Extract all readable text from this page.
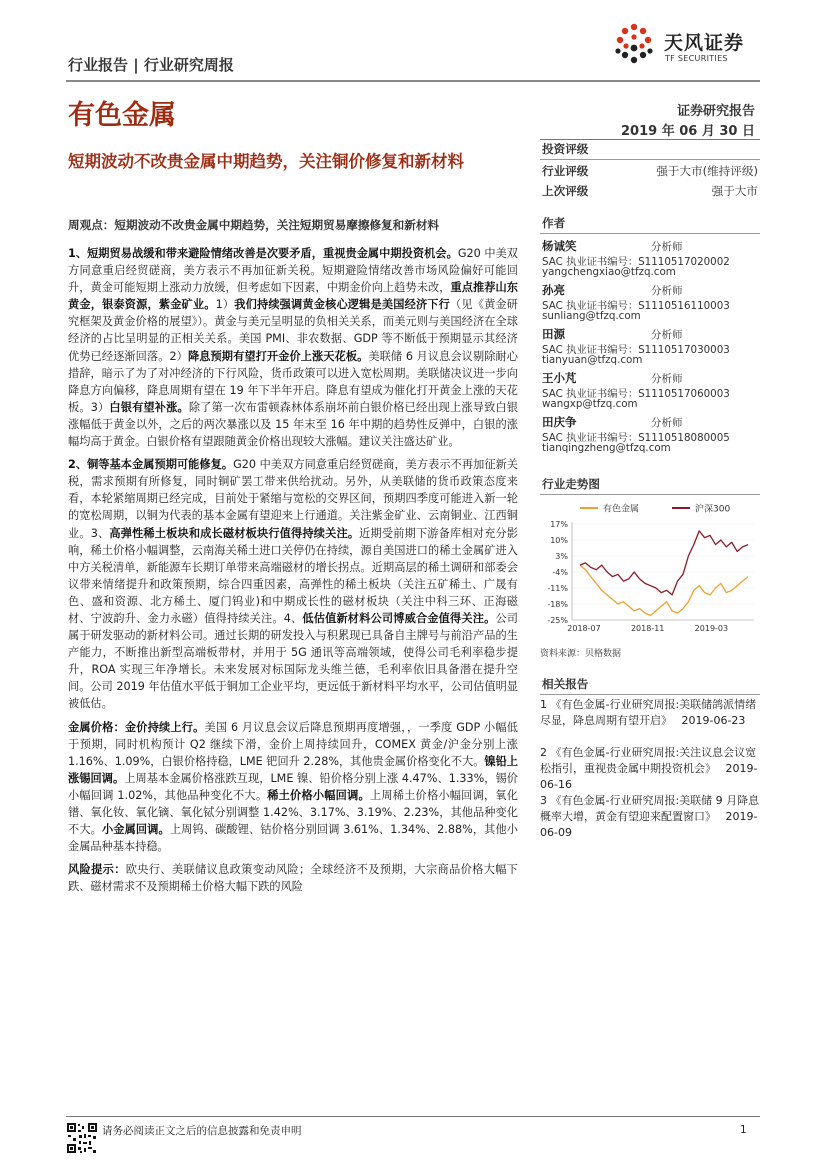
天风证券
TF SECURITIES
行业报告 | 行业研究周报
有色金属	证券研究报告
2019 年 06 月 30 日
短期波动不改贵金属中期趋势，关注铜价修复和新材料

周观点：短期波动不改贵金属中期趋势，关注短期贸易摩擦修复和新材料

1、短期贸易战缓和带来避险情绪改善是次要矛盾，重视贵金属中期投资机会。G20 中美双方同意重启经贸磋商，美方表示不再加征新关税。短期避险情绪改善市场风险偏好可能回升，黄金可能短期上涨动力放缓，但考虑如下因素，中期金价向上趋势未改，重点推荐山东黄金，银泰资源，紫金矿业。1）我们持续强调黄金核心逻辑是美国经济下行（见《黄金研究框架及黄金价格的展望》）。黄金与美元呈明显的负相关关系，而美元则与美国经济在全球经济的占比呈明显的正相关关系。美国 PMI、非农数据、GDP 等不断低于预期显示其经济优势已经逐渐回落。2）降息预期有望打开金价上涨天花板。美联储 6 月议息会议剔除耐心措辞，暗示了为了对冲经济的下行风险，货币政策可以进入宽松周期。美联储决议进一步向降息方向偏移，降息周期有望在 19 年下半年开启。降息有望成为催化打开黄金上涨的天花板。3）白银有望补涨。除了第一次布雷顿森林体系崩坏前白银价格已经出现上涨导致白银涨幅低于黄金以外，之后的两次暴涨以及 15 年末至 16 年中期的趋势性反弹中，白银的涨幅均高于黄金。白银价格有望跟随黄金价格出现较大涨幅。建议关注盛达矿业。

2、铜等基本金属预期可能修复。G20 中美双方同意重启经贸磋商，美方表示不再加征新关税，需求预期有所修复，同时铜矿罢工带来供给扰动。另外，从美联储的货币政策态度来看，本轮紧缩周期已经完成，目前处于紧缩与宽松的交界区间，预期四季度可能进入新一轮的宽松周期，以铜为代表的基本金属有望迎来上行通道。关注紫金矿业、云南铜业、江西铜业。3、高弹性稀土板块和成长磁材板块行值得持续关注。近期受前期下游备库相对充分影响，稀土价格小幅调整，云南海关稀土进口关停仍在持续，源自美国进口的稀土金属矿进入中方关税清单，新能源车长期订单带来高端磁材的增长拐点。近期高层的稀土调研和部委会议带来情绪提升和政策预期，综合四重因素，高弹性的稀土板块（关注五矿稀土、广晟有色、盛和资源、北方稀土、厦门钨业)和中期成长性的磁材板块（关注中科三环、正海磁材、宁波韵升、金力永磁）值得持续关注。4、低估值新材料公司博威合金值得关注。公司属于研发驱动的新材料公司。通过长期的研发投入与积累现已具备自主牌号与前沿产品的生产能力，不断推出新型高端板带材，并用于 5G 通讯等高端领域，使得公司毛利率稳步提升，ROA 实现三年净增长。未来发展对标国际龙头维兰德，毛利率依旧具备潜在提升空间。公司 2019 年估值水平低于铜加工企业平均，更远低于新材料平均水平，公司估值明显被低估。

金属价格：金价持续上行。美国 6 月议息会议后降息预期再度增强，，一季度 GDP 小幅低于预期，同时机构预计 Q2 继续下滑，金价上周持续回升，COMEX 黄金/沪金分别上涨 1.16%、1.09%，白银价格持稳，LME 钯回升 2.28%，其他贵金属价格变化不大。镍铅上涨锡回调。上周基本金属价格涨跌互现，LME 镍、铅价格分别上涨 4.47%、1.33%，锡价小幅回调 1.02%，其他品种变化不大。稀土价格小幅回调。上周稀土价格小幅回调，氧化镨、氧化钕、氧化镝、氧化铽分别调整 1.42%、3.17%、3.19%、2.23%，其他品种变化不大。小金属回调。上周钨、碳酸锂、钴价格分别回调 3.61%、1.34%、2.88%，其他小金属品种基本持稳。

风险提示：欧央行、美联储议息政策变动风险；全球经济不及预期，大宗商品价格大幅下跌、磁材需求不及预期稀土价格大幅下跌的风险

投资评级
行业评级	强于大市(维持评级)
上次评级	强于大市
作者
杨诚笑	分析师
SAC 执业证书编号：S1110517020002
yangchengxiao@tfzq.com
孙亮	分析师
SAC 执业证书编号：S1110516110003
sunliang@tfzq.com
田源	分析师
SAC 执业证书编号：S1110517030003
tianyuan@tfzq.com
王小芃	分析师
SAC 执业证书编号：S1110517060003
wangxp@tfzq.com
田庆争	分析师
SAC 执业证书编号：S1110518080005
tianqingzheng@tfzq.com
行业走势图
有色金属	沪深300
17%
10%
3%
-4%
-11%
-18%
-25%
2018-07	2018-11	2019-03
资料来源：贝格数据
相关报告
1 《有色金属-行业研究周报:美联储鸽派情绪尽显，降息周期有望开启》 2019-06-23
2 《有色金属-行业研究周报:关注议息会议宽松指引，重视贵金属中期投资机会》 2019-06-16
3 《有色金属-行业研究周报:美联储 9 月降息概率大增，黄金有望迎来配置窗口》 2019-06-09
请务必阅读正文之后的信息披露和免责申明	1
